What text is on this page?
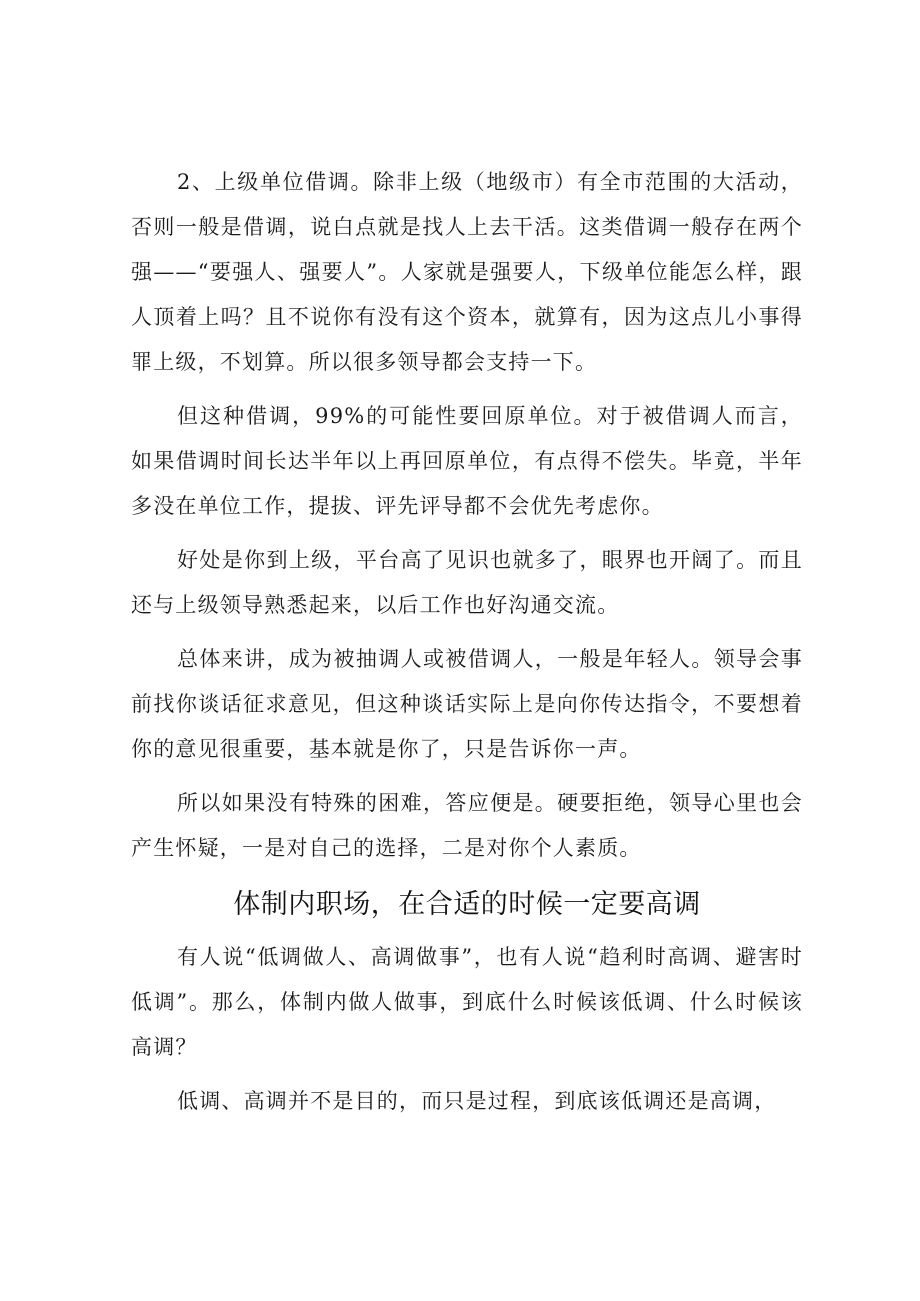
2、上级单位借调。除非上级（地级市）有全市范围的大活动，否则一般是借调，说白点就是找人上去干活。这类借调一般存在两个强——“要强人、强要人”。人家就是强要人，下级单位能怎么样，跟人顶着上吗？且不说你有没有这个资本，就算有，因为这点儿小事得罪上级，不划算。所以很多领导都会支持一下。

但这种借调，99%的可能性要回原单位。对于被借调人而言，如果借调时间长达半年以上再回原单位，有点得不偿失。毕竟，半年多没在单位工作，提拔、评先评导都不会优先考虑你。

好处是你到上级，平台高了见识也就多了，眼界也开阔了。而且还与上级领导熟悉起来，以后工作也好沟通交流。

总体来讲，成为被抽调人或被借调人，一般是年轻人。领导会事前找你谈话征求意见，但这种谈话实际上是向你传达指令，不要想着你的意见很重要，基本就是你了，只是告诉你一声。

所以如果没有特殊的困难，答应便是。硬要拒绝，领导心里也会产生怀疑，一是对自己的选择，二是对你个人素质。

体制内职场，在合适的时候一定要高调

有人说“低调做人、高调做事”，也有人说“趋利时高调、避害时低调”。那么，体制内做人做事，到底什么时候该低调、什么时候该高调？

低调、高调并不是目的，而只是过程，到底该低调还是高调，
